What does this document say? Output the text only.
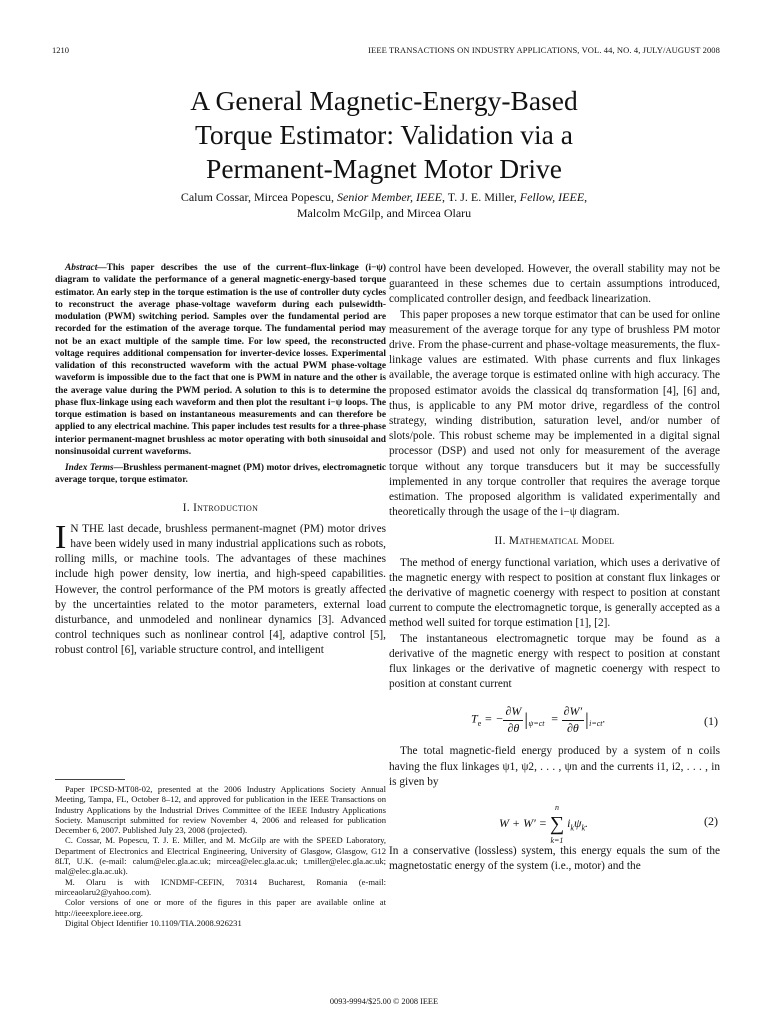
1210	IEEE TRANSACTIONS ON INDUSTRY APPLICATIONS, VOL. 44, NO. 4, JULY/AUGUST 2008
A General Magnetic-Energy-Based
Torque Estimator: Validation via a
Permanent-Magnet Motor Drive
Calum Cossar, Mircea Popescu, Senior Member, IEEE, T. J. E. Miller, Fellow, IEEE,
Malcolm McGilp, and Mircea Olaru

Abstract—This paper describes the use of the current–flux-linkage (i−ψ) diagram to validate the performance of a general magnetic-energy-based torque estimator. An early step in the torque estimation is the use of controller duty cycles to reconstruct the average phase-voltage waveform during each pulsewidth-modulation (PWM) switching period. Samples over the fundamental period are recorded for the estimation of the average torque. The fundamental period may not be an exact multiple of the sample time. For low speed, the reconstructed voltage requires additional compensation for inverter-device losses. Experimental validation of this reconstructed waveform with the actual PWM phase-voltage waveform is impossible due to the fact that one is PWM in nature and the other is the average value during the PWM period. A solution to this is to determine the phase flux-linkage using each waveform and then plot the resultant i−ψ loops. The torque estimation is based on instantaneous measurements and can therefore be applied to any electrical machine. This paper includes test results for a three-phase interior permanent-magnet brushless ac motor operating with both sinusoidal and nonsinusoidal current waveforms.

Index Terms—Brushless permanent-magnet (PM) motor drives, electromagnetic average torque, torque estimator.

I. Introduction

I N THE last decade, brushless permanent-magnet (PM) motor drives have been widely used in many industrial applications such as robots, rolling mills, or machine tools. The advantages of these machines include high power density, low inertia, and high-speed capabilities. However, the control performance of the PM motors is greatly affected by the uncertainties related to the motor parameters, external load disturbance, and unmodeled and nonlinear dynamics [3]. Advanced control techniques such as nonlinear control [4], adaptive control [5], robust control [6], variable structure control, and intelligent

Paper IPCSD-MT08-02, presented at the 2006 Industry Applications Society Annual Meeting, Tampa, FL, October 8–12, and approved for publication in the IEEE Transactions on Industry Applications by the Industrial Drives Committee of the IEEE Industry Applications Society. Manuscript submitted for review November 4, 2006 and released for publication December 6, 2007. Published July 23, 2008 (projected).

C. Cossar, M. Popescu, T. J. E. Miller, and M. McGilp are with the SPEED Laboratory, Department of Electronics and Electrical Engineering, University of Glasgow, Glasgow, G12 8LT, U.K. (e-mail: calum@elec.gla.ac.uk; mircea@elec.gla.ac.uk; t.miller@elec.gla.ac.uk; mal@elec.gla.ac.uk).

M. Olaru is with ICNDMF-CEFIN, 70314 Bucharest, Romania (e-mail: mirceaolaru2@yahoo.com).

Color versions of one or more of the figures in this paper are available online at http://ieeexplore.ieee.org.

Digital Object Identifier 10.1109/TIA.2008.926231

control have been developed. However, the overall stability may not be guaranteed in these schemes due to certain assumptions introduced, complicated controller design, and feedback linearization.

This paper proposes a new torque estimator that can be used for online measurement of the average torque for any type of brushless PM motor drive. From the phase-current and phase-voltage measurements, the flux-linkage values are estimated. With phase currents and flux linkages available, the average torque is estimated online with high accuracy. The proposed estimator avoids the classical dq transformation [4], [6] and, thus, is applicable to any PM motor drive, regardless of the control strategy, winding distribution, saturation level, and/or number of slots/pole. This robust scheme may be implemented in a digital signal processor (DSP) and used not only for measurement of the average torque without any torque transducers but it may be successfully implemented in any torque controller that requires the average torque estimation. The proposed algorithm is validated experimentally and theoretically through the usage of the i−ψ diagram.

II. Mathematical Model

The method of energy functional variation, which uses a derivative of the magnetic energy with respect to position at constant flux linkages or the derivative of magnetic coenergy with respect to position at constant current to compute the electromagnetic torque, is generally accepted as a method well suited for torque estimation [1], [2].

The instantaneous electromagnetic torque may be found as a derivative of the magnetic energy with respect to position at constant flux linkages or the derivative of magnetic coenergy with respect to position at constant current

$T_e$ = − $\frac{\partial W}{\partial\theta} |_{\psi=ct} = \frac{\partial W'}{\partial\theta} |_{i=ct}$.	(1)

The total magnetic-field energy produced by a system of n coils having the flux linkages ψ1, ψ2, . . . , ψn and the currents i1, i2, . . . , in is given by

W + W′ =
n
∑
k=1
$i_k\psi_k$.	(2)

In a conservative (lossless) system, this energy equals the sum of the magnetostatic energy of the system (i.e., motor) and the

0093-9994/$25.00 © 2008 IEEE
